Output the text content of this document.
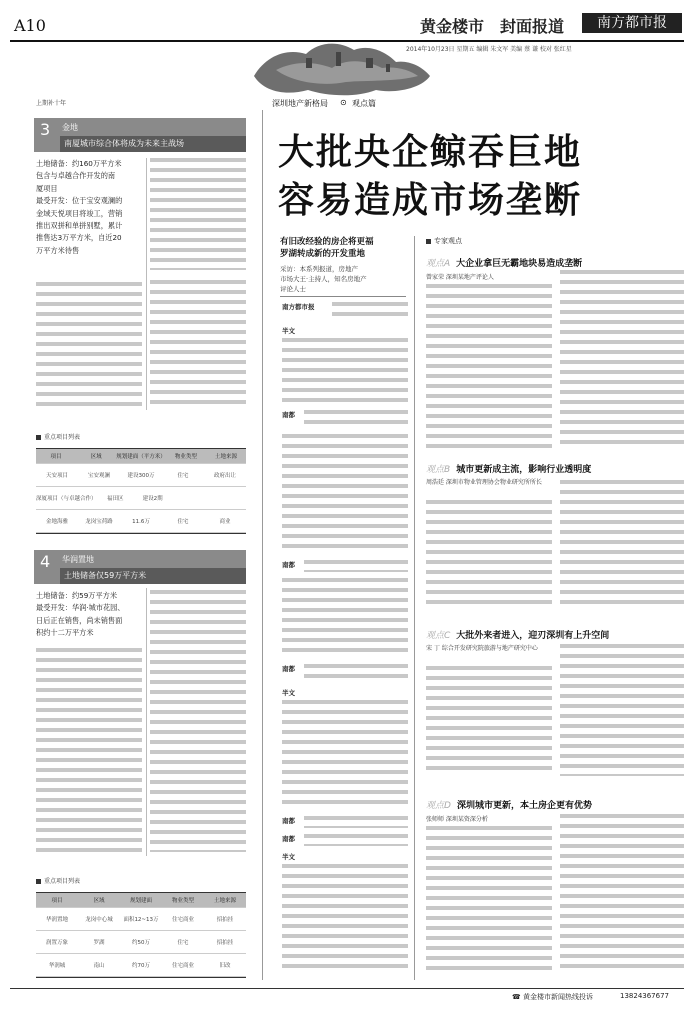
A10	黄金楼市 封面报道	南方都市报
2014年10月23日 星期五 编辑 朱文军 美编 蔡 谦 校对 张红星
深圳地产新格局 ⊙ 观点篇
大批央企鲸吞巨地
容易造成市场垄断
上期补十年
3 金地
南厦城市综合体将成为未来主战场
土地储备：约160万平方米
包含与卓越合作开发的南
厦项目
最受开发：位于宝安观澜的
金域天悦项目将竣工，营销
推出双拼和单拼别墅，累计
推售达3万平方米，自近20
万平方米待售
重点项目列表
项目	区域	规划建面（平方米）	物业类型	土地来源
天安项目	宝安观澜	建设300万	住宅	政府出让
深厦项目（与卓越合作）	福田区	建设2期
金地海雅	龙岗宝荷路	11.6万	住宅	商业
4 华润置地
土地储备仅59万平方米
土地储备：约59万平方米
最受开发：华润·城市花园、
日后正在销售，尚未销售面
积约十二万平方米
重点项目列表
项目	区域	规划建面	物业类型	土地来源
华润置地	龙岗中心城	面积12~13万	住宅商业	招拍挂
润置万象	罗湖	约50万	住宅	招拍挂
华润城	南山	约70万	住宅商业	旧改
有旧改经验的房企将更福
罗湖转成新的开发重地
采访：本系列报道，房地产
市场大王·主持人，知名房地产
评论人士
南方都市报
半文
南都
南都
南都
半文
南都
南都
半文
专家观点
观点A 大企业拿巨无霸地块易造成垄断
曾家荣 深圳某地产评论人
观点B 城市更新成主流，影响行业透明度
周浩廷 深圳市物业管理协会物业研究所所长
观点C 大批外来者进入，迎刃深圳有上升空间
宋 丁 综合开发研究院旅游与地产研究中心
观点D 深圳城市更新，本土房企更有优势
张师师 深圳某资深分析
☎ 黄金楼市新闻热线投诉	13824367677
